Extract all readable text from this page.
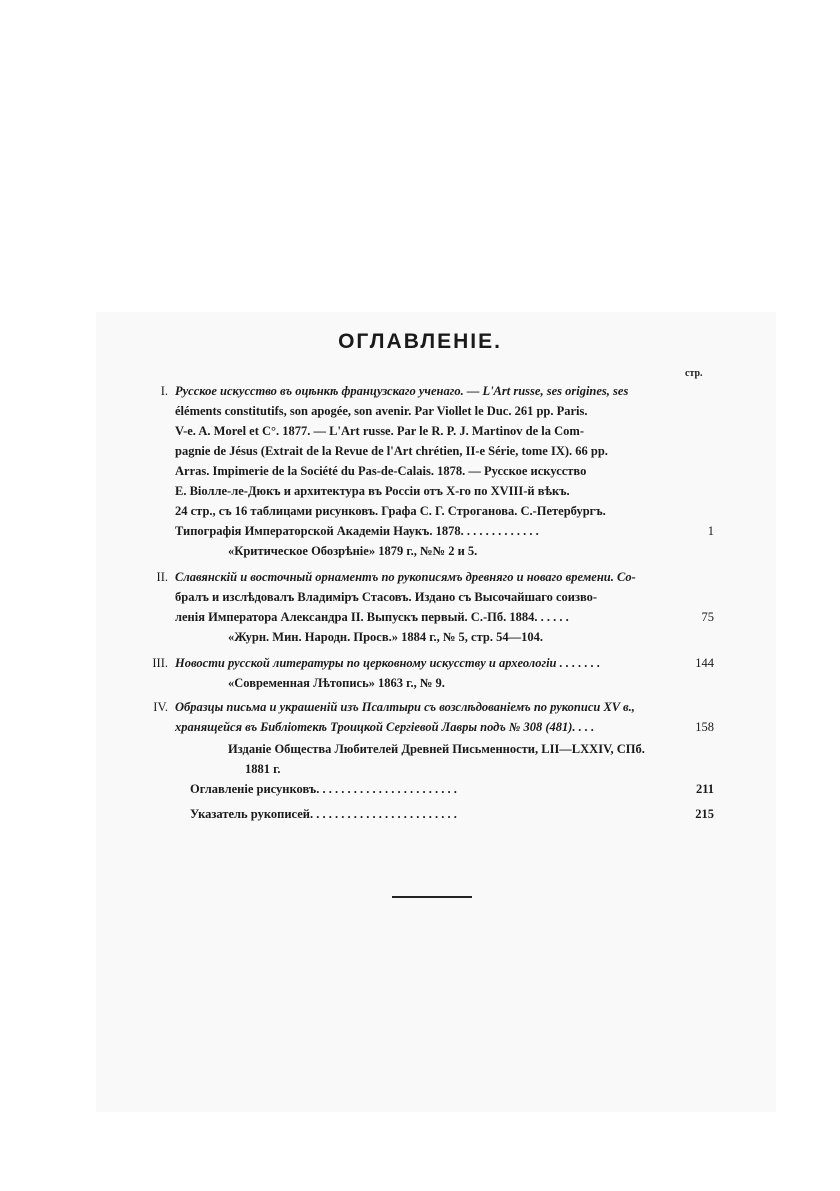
ОГЛАВЛЕНІЕ.
стр.
I. Русское искусство въ оцѣнкѣ французскаго ученаго. — L'Art russe, ses origines, ses
éléments constitutifs, son apogée, son avenir. Par Viollet le Duc. 261 pp. Paris.
V-e. A. Morel et C°. 1877. — L'Art russe. Par le R. P. J. Martinov de la Com-
pagnie de Jésus (Extrait de la Revue de l'Art chrétien, II-e Série, tome IX). 66 pp.
Arras. Impimerie de la Société du Pas-de-Calais. 1878. — Русское искусство
Е. Віолле-ле-Дюкъ и архитектура въ Россіи отъ X-го по XVIII-й вѣкъ.
24 стр., съ 16 таблицами рисунковъ. Графа С. Г. Строганова. С.-Петербургъ.
Типографія Императорской Академіи Наукъ. 1878. . . . . . . . . . . . .	1
«Критическое Обозрѣніе» 1879 г., №№ 2 и 5.
II. Славянскій и восточный орнаментъ по рукописямъ древняго и новаго времени. Со-
бралъ и изслѣдовалъ Владиміръ Стасовъ. Издано съ Высочайшаго соизво-
ленія Императора Александра II. Выпускъ первый. С.-Пб. 1884. . . . . .	75
«Журн. Мин. Народн. Просв.» 1884 г., № 5, стр. 54—104.
III. Новости русской литературы по церковному искусству и археологіи . . . . . . .	144
«Современная Лѣтопись» 1863 г., № 9.
IV. Образцы письма и украшеній изъ Псалтыри съ возслѣдованіемъ по рукописи XV в.,
хранящейся въ Библіотекѣ Троицкой Сергіевой Лавры подъ № 308 (481). . . .	158
Изданіе Общества Любителей Древней Письменности, LII—LXXIV, СПб.
1881 г.
Оглавленіе рисунковъ. . . . . . . . . . . . . . . . . . . . . . .	211
Указатель рукописей. . . . . . . . . . . . . . . . . . . . . . . .	215
